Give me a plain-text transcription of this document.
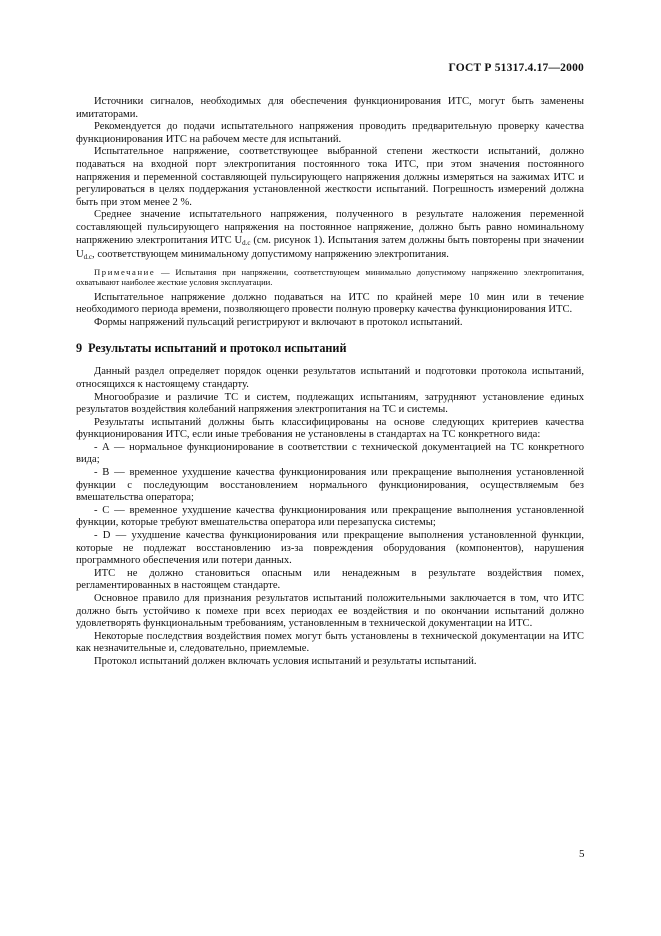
ГОСТ Р 51317.4.17—2000

Источники сигналов, необходимых для обеспечения функционирования ИТС, могут быть заменены имитаторами.

Рекомендуется до подачи испытательного напряжения проводить предварительную проверку качества функционирования ИТС на рабочем месте для испытаний.

Испытательное напряжение, соответствующее выбранной степени жесткости испытаний, должно подаваться на входной порт электропитания постоянного тока ИТС, при этом значения постоянного напряжения и переменной составляющей пульсирующего напряжения должны измеряться на зажимах ИТС и регулироваться в целях поддержания установленной жесткости испытаний. Погрешность измерений должна быть при этом менее 2 %.

Среднее значение испытательного напряжения, полученного в результате наложения переменной составляющей пульсирующего напряжения на постоянное напряжение, должно быть равно номинальному напряжению электропитания ИТС $U_{d.c}$ (см. рисунок 1). Испытания затем должны быть повторены при значении $U_{d.c}$, соответствующем минимальному допустимому напряжению электропитания.

Примечание — Испытания при напряжении, соответствующем минимально допустимому напряжению электропитания, охватывают наиболее жесткие условия эксплуатации.

Испытательное напряжение должно подаваться на ИТС по крайней мере 10 мин или в течение необходимого периода времени, позволяющего провести полную проверку качества функционирования ИТС.

Формы напряжений пульсаций регистрируют и включают в протокол испытаний.

9 Результаты испытаний и протокол испытаний

Данный раздел определяет порядок оценки результатов испытаний и подготовки протокола испытаний, относящихся к настоящему стандарту.

Многообразие и различие ТС и систем, подлежащих испытаниям, затрудняют установление единых результатов воздействия колебаний напряжения электропитания на ТС и системы.

Результаты испытаний должны быть классифицированы на основе следующих критериев качества функционирования ИТС, если иные требования не установлены в стандартах на ТС конкретного вида:

- А — нормальное функционирование в соответствии с технической документацией на ТС конкретного вида;

- В — временное ухудшение качества функционирования или прекращение выполнения установленной функции с последующим восстановлением нормального функционирования, осуществляемым без вмешательства оператора;

- С — временное ухудшение качества функционирования или прекращение выполнения установленной функции, которые требуют вмешательства оператора или перезапуска системы;

- D — ухудшение качества функционирования или прекращение выполнения установленной функции, которые не подлежат восстановлению из-за повреждения оборудования (компонентов), нарушения программного обеспечения или потери данных.

ИТС не должно становиться опасным или ненадежным в результате воздействия помех, регламентированных в настоящем стандарте.

Основное правило для признания результатов испытаний положительными заключается в том, что ИТС должно быть устойчиво к помехе при всех периодах ее воздействия и по окончании испытаний должно удовлетворять функциональным требованиям, установленным в технической документации на ИТС.

Некоторые последствия воздействия помех могут быть установлены в технической документации на ИТС как незначительные и, следовательно, приемлемые.

Протокол испытаний должен включать условия испытаний и результаты испытаний.

5
